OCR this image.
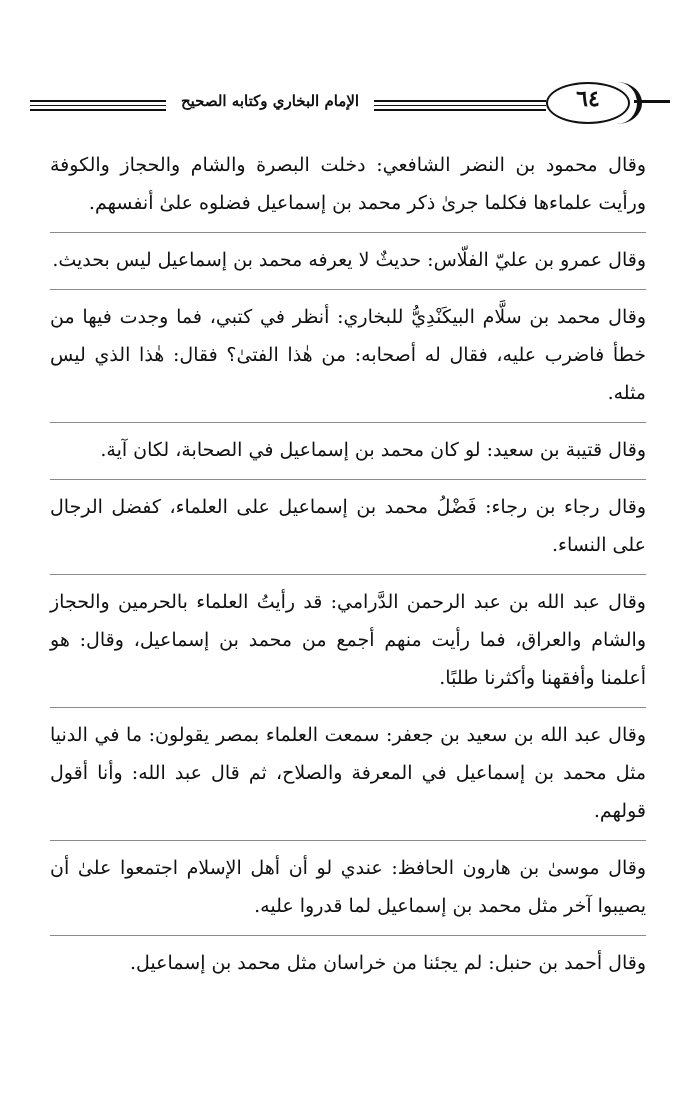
الإمام البخاري وكتابه الصحيح	٦٤

وقال محمود بن النضر الشافعي: دخلت البصرة والشام والحجاز والكوفة ورأيت علماءها فكلما جرىٰ ذكر محمد بن إسماعيل فضلوه علىٰ أنفسهم.

وقال عمرو بن عليّ الفلّاس: حديثٌ لا يعرفه محمد بن إسماعيل ليس بحديث.

وقال محمد بن سلَّام البيكَنْدِيُّ للبخاري: أنظر في كتبي، فما وجدت فيها من خطأ فاضرب عليه، فقال له أصحابه: من هٰذا الفتىٰ؟ فقال: هٰذا الذي ليس مثله.

وقال قتيبة بن سعيد: لو كان محمد بن إسماعيل في الصحابة، لكان آية.

وقال رجاء بن رجاء: فَضْلُ محمد بن إسماعيل على العلماء، كفضل الرجال على النساء.

وقال عبد الله بن عبد الرحمن الدَّرامي: قد رأيتُ العلماء بالحرمين والحجاز والشام والعراق، فما رأيت منهم أجمع من محمد بن إسماعيل، وقال: هو أعلمنا وأفقهنا وأكثرنا طلبًا.

وقال عبد الله بن سعيد بن جعفر: سمعت العلماء بمصر يقولون: ما في الدنيا مثل محمد بن إسماعيل في المعرفة والصلاح، ثم قال عبد الله: وأنا أقول قولهم.

وقال موسىٰ بن هارون الحافظ: عندي لو أن أهل الإسلام اجتمعوا علىٰ أن يصيبوا آخر مثل محمد بن إسماعيل لما قدروا عليه.

وقال أحمد بن حنبل: لم يجئنا من خراسان مثل محمد بن إسماعيل.
